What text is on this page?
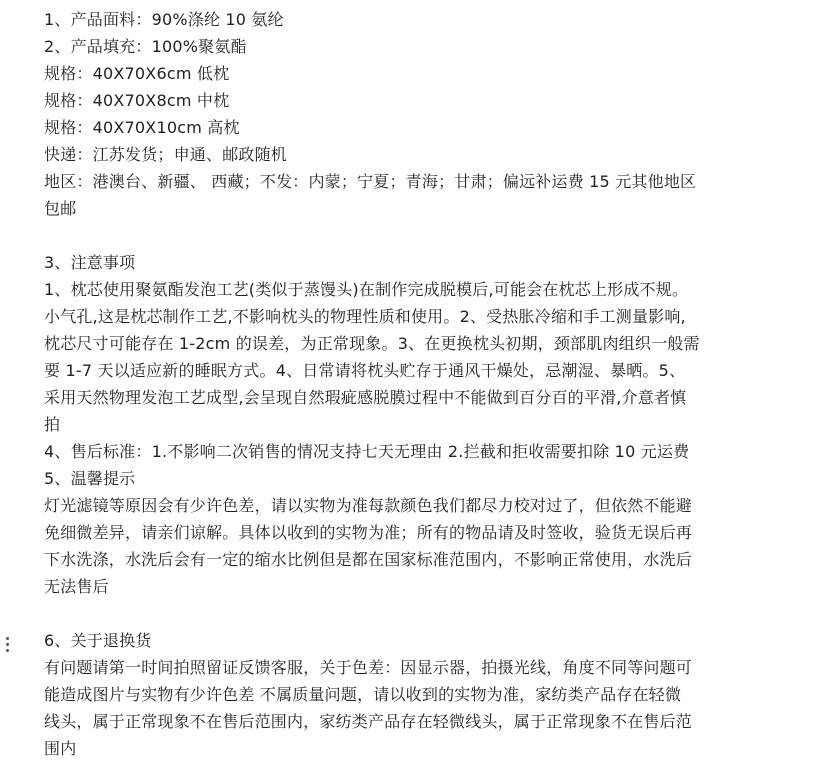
1、产品面料：90%涤纶 10 氨纶
2、产品填充：100%聚氨酯
规格：40X70X6cm 低枕
规格：40X70X8cm 中枕
规格：40X70X10cm 高枕
快递：江苏发货；申通、邮政随机
地区：港澳台、新疆、 西藏；不发：内蒙；宁夏；青海；甘肃；偏远补运费 15 元其他地区
包邮
3、注意事项
1、枕芯使用聚氨酯发泡工艺(类似于蒸馒头)在制作完成脱模后,可能会在枕芯上形成不规。
小气孔,这是枕芯制作工艺,不影响枕头的物理性质和使用。2、受热胀冷缩和手工测量影响,
枕芯尺寸可能存在 1-2cm 的误差，为正常现象。3、在更换枕头初期，颈部肌肉组织一般需
要 1-7 天以适应新的睡眠方式。4、日常请将枕头贮存于通风干燥处，忌潮湿、暴晒。5、
采用天然物理发泡工艺成型,会呈现自然瑕疵感脱膜过程中不能做到百分百的平滑,介意者慎
拍
4、售后标准：1.不影响二次销售的情况支持七天无理由 2.拦截和拒收需要扣除 10 元运费
5、温馨提示
灯光滤镜等原因会有少许色差，请以实物为准每款颜色我们都尽力校对过了，但依然不能避
免细微差异，请亲们谅解。具体以收到的实物为准；所有的物品请及时签收，验货无误后再
下水洗涤，水洗后会有一定的缩水比例但是都在国家标准范围内，不影响正常使用，水洗后
无法售后
6、关于退换货
有问题请第一时间拍照留证反馈客服，关于色差：因显示器，拍摄光线，角度不同等问题可
能造成图片与实物有少许色差 不属质量问题，请以收到的实物为准，家纺类产品存在轻微
线头，属于正常现象不在售后范围内，家纺类产品存在轻微线头，属于正常现象不在售后范
围内
